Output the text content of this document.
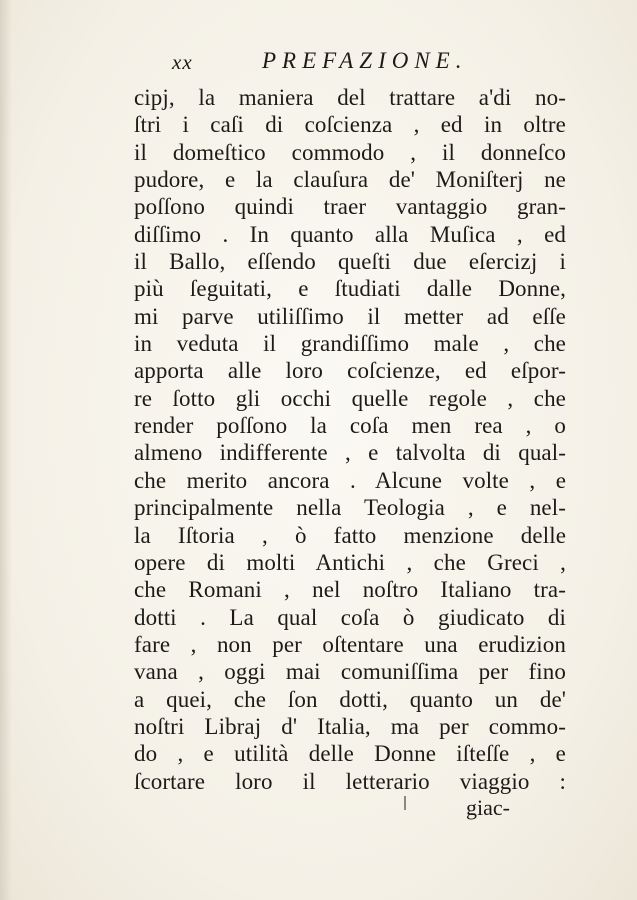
xx	PREFAZIONE.
cipj, la maniera del trattare a'di no-
ſtri i caſi di coſcienza , ed in oltre
il domeſtico commodo , il donneſco
pudore, e la clauſura de' Moniſterj ne
poſſono quindi traer vantaggio gran-
diſſimo . In quanto alla Muſica , ed
il Ballo, eſſendo queſti due eſercizj i
più ſeguitati, e ſtudiati dalle Donne,
mi parve utiliſſimo il metter ad eſſe
in veduta il grandiſſimo male , che
apporta alle loro coſcienze, ed eſpor-
re ſotto gli occhi quelle regole , che
render poſſono la coſa men rea , o
almeno indifferente , e talvolta di qual-
che merito ancora . Alcune volte , e
principalmente nella Teologia , e nel-
la Iſtoria , ò fatto menzione delle
opere di molti Antichi , che Greci ,
che Romani , nel noſtro Italiano tra-
dotti . La qual coſa ò giudicato di
fare , non per oſtentare una erudizion
vana , oggi mai comuniſſima per fino
a quei, che ſon dotti, quanto un de'
noſtri Libraj d' Italia, ma per commo-
do , e utilità delle Donne iſteſſe , e
ſcortare loro il letterario viaggio :
giac-
